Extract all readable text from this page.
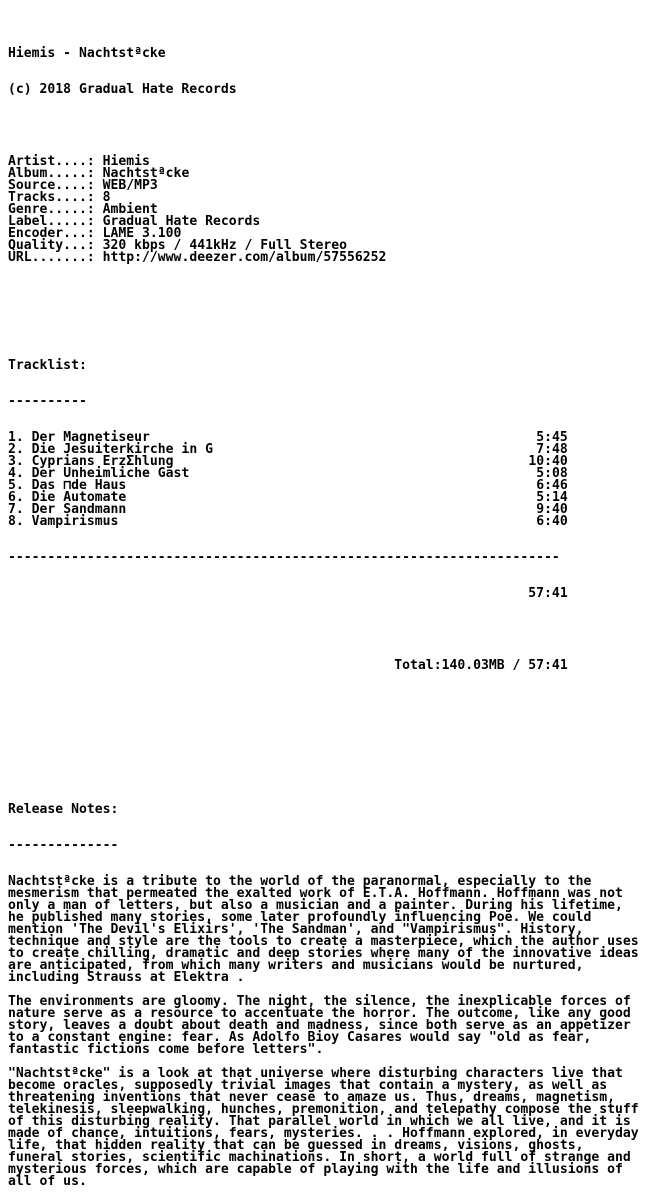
Hiemis - Nachtstªcke

(c) 2018 Gradual Hate Records

Artist....: Hiemis
Album.....: Nachtstªcke
Source....: WEB/MP3
Tracks....: 8
Genre.....: Ambient
Label.....: Gradual Hate Records
Encoder...: LAME 3.100
Quality...: 320 kbps / 441kHz / Full Stereo
URL.......: http://www.deezer.com/album/57556252

Tracklist:

----------

1. Der Magnetiseur	5:45
2. Die Jesuiterkirche in G	7:48
3. Cyprians ErzΣhlung	10:40
4. Der Unheimliche Gast	5:08
5. Das ⊓de Haus	6:46
6. Die Automate	5:14
7. Der Sandmann	9:40
8. Vampirismus	6:40

----------------------------------------------------------------------

57:41

Total:140.03MB / 57:41

Release Notes:

--------------

Nachtstªcke is a tribute to the world of the paranormal, especially to the
mesmerism that permeated the exalted work of E.T.A. Hoffmann. Hoffmann was not
only a man of letters, but also a musician and a painter. During his lifetime,
he published many stories, some later profoundly influencing Poe. We could
mention 'The Devil's Elixirs', 'The Sandman', and "Vampirismus". History,
technique and style are the tools to create a masterpiece, which the author uses
to create chilling, dramatic and deep stories where many of the innovative ideas
are anticipated, from which many writers and musicians would be nurtured,
including Strauss at Elektra .
The environments are gloomy. The night, the silence, the inexplicable forces of
nature serve as a resource to accentuate the horror. The outcome, like any good
story, leaves a doubt about death and madness, since both serve as an appetizer
to a constant engine: fear. As Adolfo Bioy Casares would say "old as fear,
fantastic fictions come before letters".
"Nachtstªcke" is a look at that universe where disturbing characters live that
become oracles, supposedly trivial images that contain a mystery, as well as
threatening inventions that never cease to amaze us. Thus, dreams, magnetism,
telekinesis, sleepwalking, hunches, premonition, and telepathy compose the stuff
of this disturbing reality. That parallel world in which we all live, and it is
made of chance, intuitions, fears, mysteries. . . Hoffmann explored, in everyday
life, that hidden reality that can be guessed in dreams, visions, ghosts,
funeral stories, scientific machinations. In short, a world full of strange and
mysterious forces, which are capable of playing with the life and illusions of
all of us.
